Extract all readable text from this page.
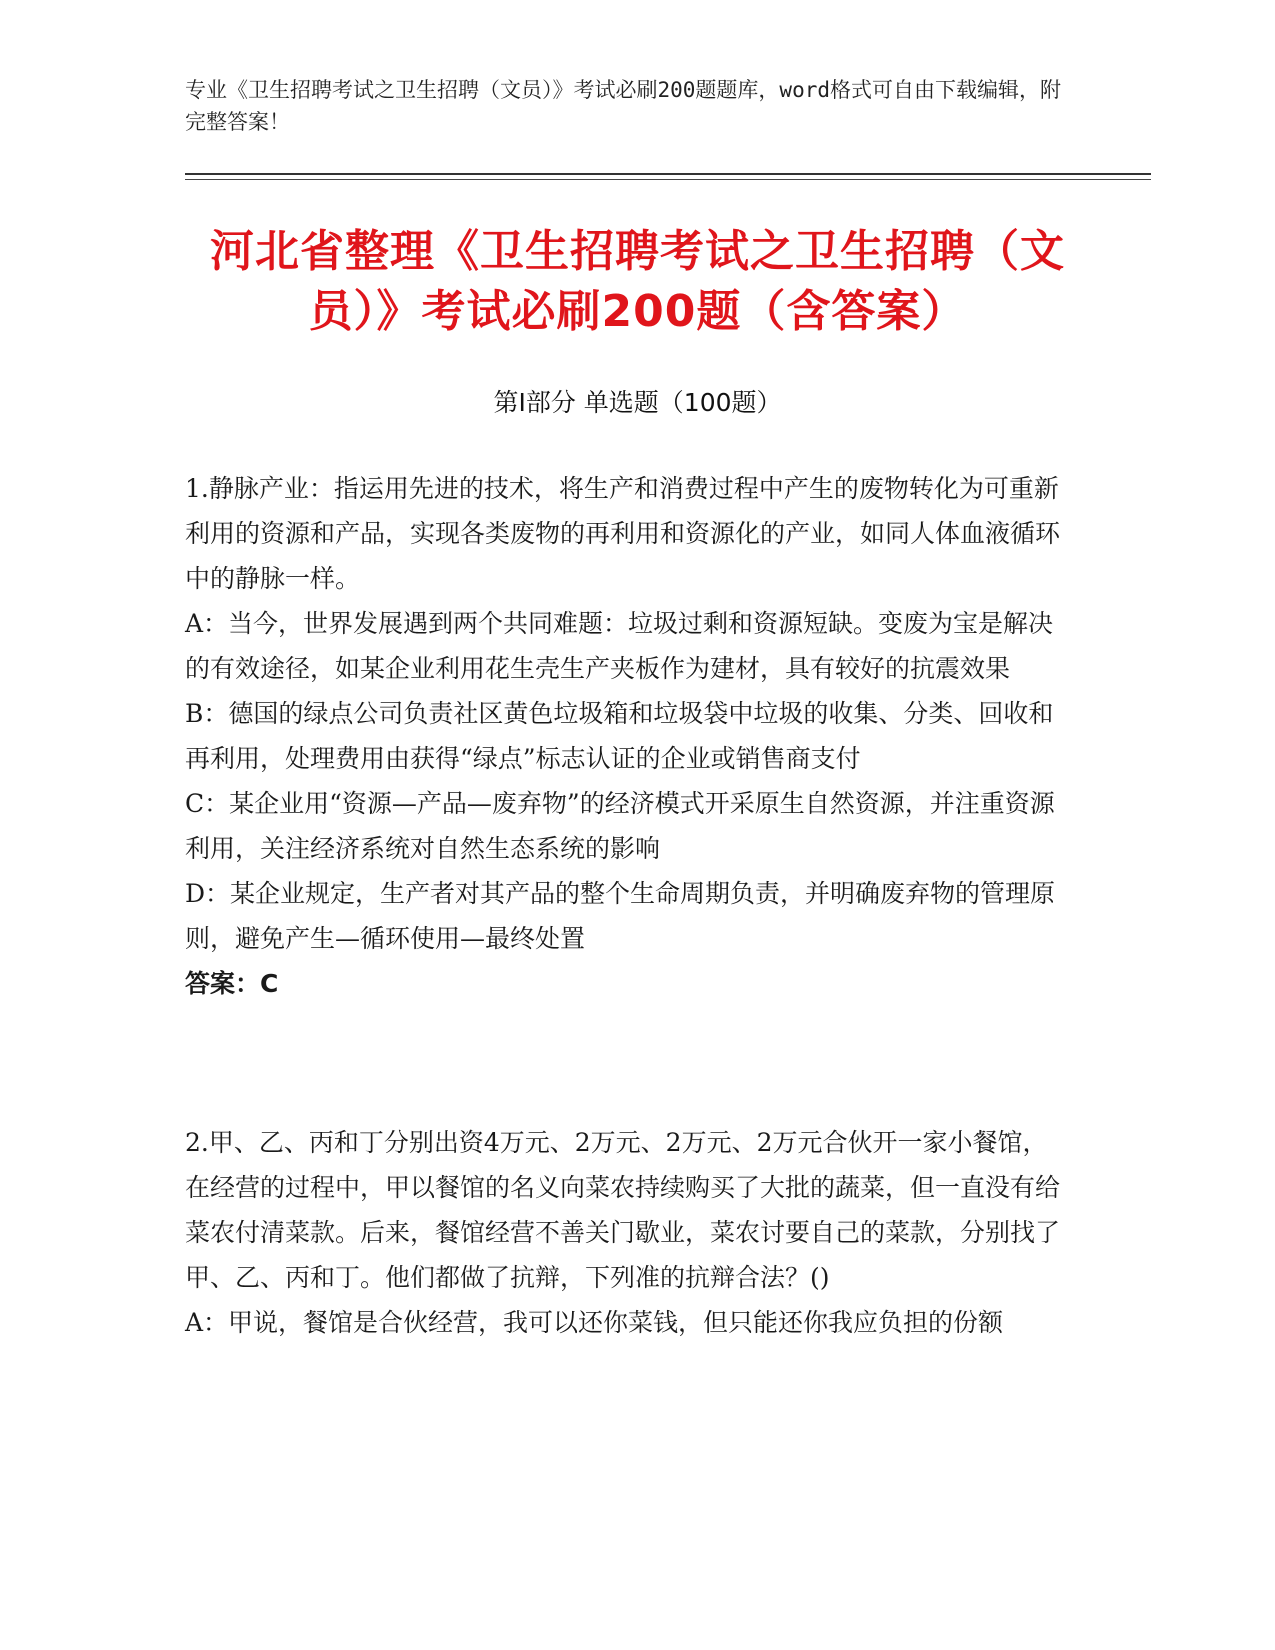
专业《卫生招聘考试之卫生招聘（文员）》考试必刷200题题库，word格式可自由下载编辑，附完整答案！
河北省整理《卫生招聘考试之卫生招聘（文员）》考试必刷200题（含答案）
第I部分 单选题（100题）

1.静脉产业：指运用先进的技术，将生产和消费过程中产生的废物转化为可重新利用的资源和产品，实现各类废物的再利用和资源化的产业，如同人体血液循环中的静脉一样。

A：当今，世界发展遇到两个共同难题：垃圾过剩和资源短缺。变废为宝是解决的有效途径，如某企业利用花生壳生产夹板作为建材，具有较好的抗震效果

B：德国的绿点公司负责社区黄色垃圾箱和垃圾袋中垃圾的收集、分类、回收和再利用，处理费用由获得“绿点”标志认证的企业或销售商支付

C：某企业用“资源—产品—废弃物”的经济模式开采原生自然资源，并注重资源利用，关注经济系统对自然生态系统的影响

D：某企业规定，生产者对其产品的整个生命周期负责，并明确废弃物的管理原则，避免产生—循环使用—最终处置

答案：C

2.甲、乙、丙和丁分别出资4万元、2万元、2万元、2万元合伙开一家小餐馆，在经营的过程中，甲以餐馆的名义向菜农持续购买了大批的蔬菜，但一直没有给菜农付清菜款。后来，餐馆经营不善关门歇业，菜农讨要自己的菜款，分别找了甲、乙、丙和丁。他们都做了抗辩，下列准的抗辩合法？()

A：甲说，餐馆是合伙经营，我可以还你菜钱，但只能还你我应负担的份额
